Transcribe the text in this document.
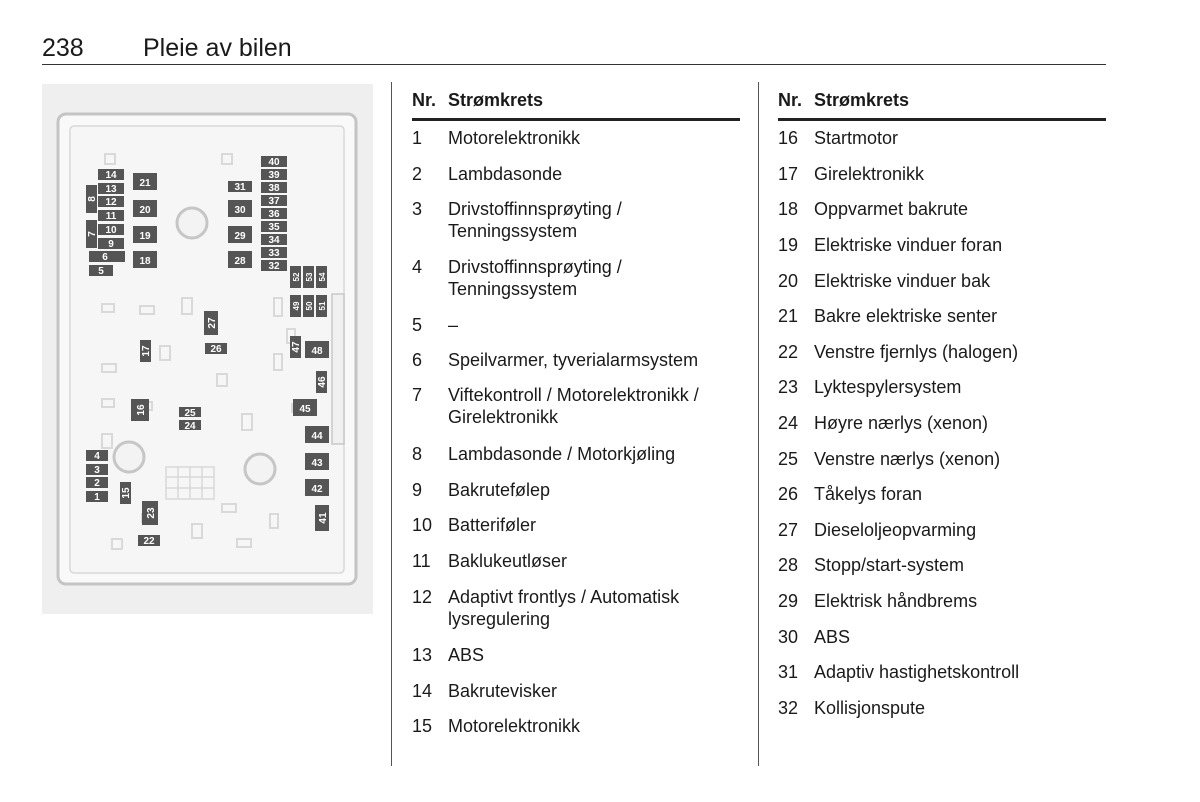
238 Pleie av bilen
14
13
12
11
10
9
6
5
8
7
21
20
19
18
31
30
29
28
40
39
38
37
36
35
34
33
32
52 53 54
49 50 51
47 48
46
45
44
43
42
41
27
26
17
16	25
24
4
3
2
1 15
23
22
Nr. Strømkrets
1 Motorelektronikk
2 Lambdasonde
3 Drivstoffinnsprøyting /
Tenningssystem
4 Drivstoffinnsprøyting /
Tenningssystem
5 –
6 Speilvarmer, tyverialarmsystem
7 Viftekontroll / Motorelektronikk /
Girelektronikk
8 Lambdasonde / Motorkjøling
9 Bakrutefølер
10 Batteriføler
11 Baklukeutløser
12 Adaptivt frontlys / Automatisk
lysregulering
13 ABS
14 Bakrutevisker
15 Motorelektronikk
Nr. Strømkrets
16 Startmotor
17 Girelektronikk
18 Oppvarmet bakrute
19 Elektriske vinduer foran
20 Elektriske vinduer bak
21 Bakre elektriske senter
22 Venstre fjernlys (halogen)
23 Lyktespylersystem
24 Høyre nærlys (xenon)
25 Venstre nærlys (xenon)
26 Tåkelys foran
27 Dieseloljeopvarming
28 Stopp/start-system
29 Elektrisk håndbrems
30 ABS
31 Adaptiv hastighetskontroll
32 Kollisjonspute
